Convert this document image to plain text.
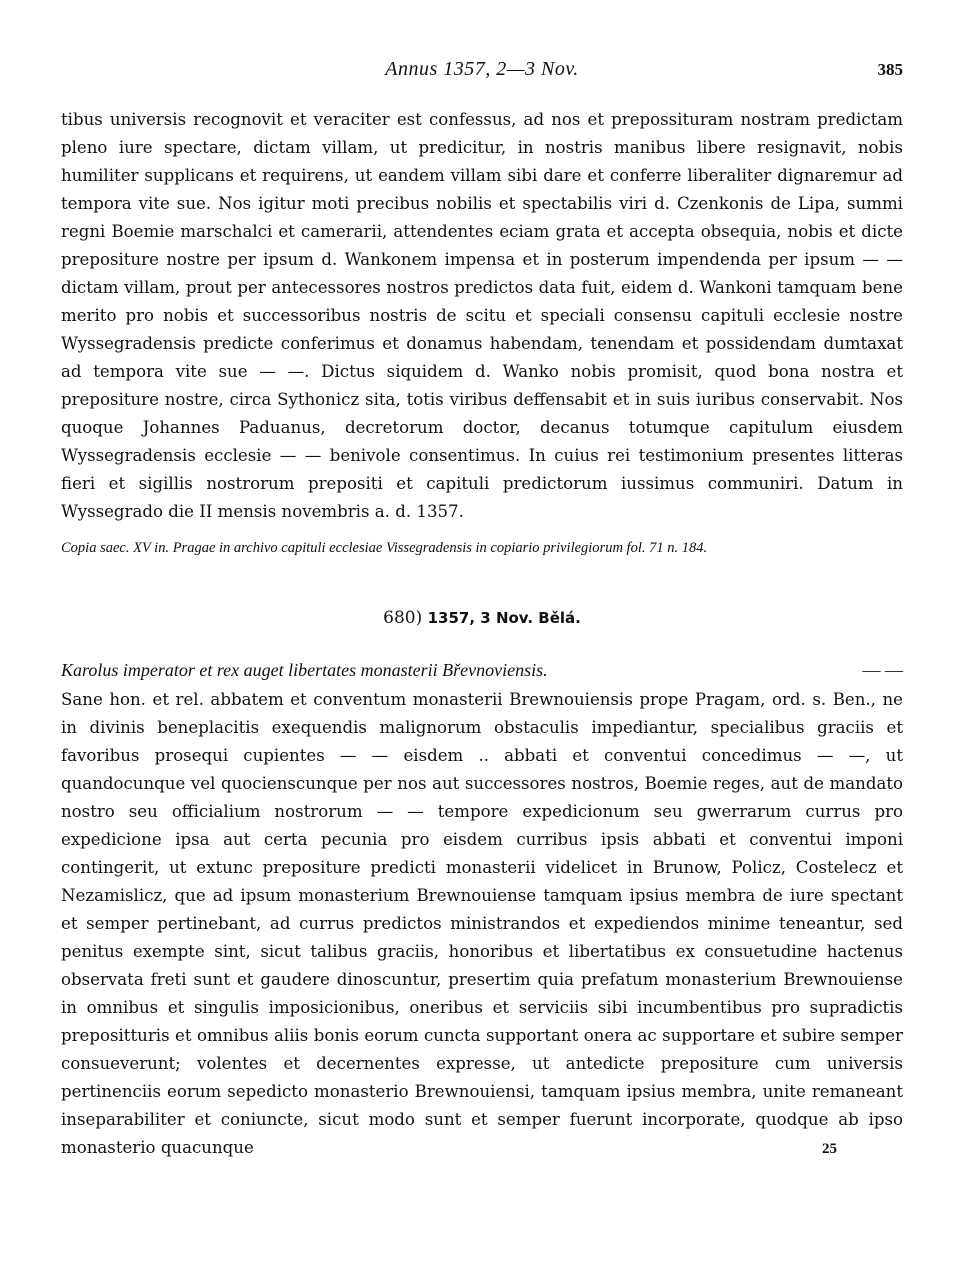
Annus 1357, 2—3 Nov.	385

tibus universis recognovit et veraciter est confessus, ad nos et prepossituram nostram predictam pleno iure spectare, dictam villam, ut predicitur, in nostris manibus libere resignavit, nobis humiliter supplicans et requirens, ut eandem villam sibi dare et conferre liberaliter dignaremur ad tempora vite sue. Nos igitur moti precibus nobilis et spectabilis viri d. Czenkonis de Lipa, summi regni Boemie marschalci et camerarii, attendentes eciam grata et accepta obsequia, nobis et dicte prepositure nostre per ipsum d. Wankonem impensa et in posterum impendenda per ipsum — — dictam villam, prout per antecessores nostros predictos data fuit, eidem d. Wankoni tamquam bene merito pro nobis et successoribus nostris de scitu et speciali consensu capituli ecclesie nostre Wyssegradensis predicte conferimus et donamus habendam, tenendam et possidendam dumtaxat ad tempora vite sue — —. Dictus siquidem d. Wanko nobis promisit, quod bona nostra et prepositure nostre, circa Sythonicz sita, totis viribus deffensabit et in suis iuribus conservabit. Nos quoque Johannes Paduanus, decretorum doctor, decanus totumque capitulum eiusdem Wyssegradensis ecclesie — — benivole consentimus. In cuius rei testimonium presentes litteras fieri et sigillis nostrorum prepositi et capituli predictorum iussimus communiri. Datum in Wyssegrado die II mensis novembris a. d. 1357.

Copia saec. XV in. Pragae in archivo capituli ecclesiae Vissegradensis in copiario privilegiorum fol. 71 n. 184.
680) 1357, 3 Nov. Bělá.
Karolus imperator et rex auget libertates monasterii Břevnoviensis.	— —
Sane hon. et rel. abbatem et conventum monasterii Brewnouiensis prope Pragam, ord. s. Ben., ne in divinis beneplacitis exequendis malignorum obstaculis impediantur, specialibus graciis et favoribus prosequi cupientes — — eisdem .. abbati et conventui concedimus — —, ut quandocunque vel quocienscunque per nos aut successores nostros, Boemie reges, aut de mandato nostro seu officialium nostrorum — — tempore expedicionum seu gwerrarum currus pro expedicione ipsa aut certa pecunia pro eisdem curribus ipsis abbati et conventui imponi contingerit, ut extunc prepositure predicti monasterii videlicet in Brunow, Policz, Costelecz et Nezamislicz, que ad ipsum monasterium Brewnouiense tamquam ipsius membra de iure spectant et semper pertinebant, ad currus predictos ministrandos et expediendos minime teneantur, sed penitus exempte sint, sicut talibus graciis, honoribus et libertatibus ex consuetudine hactenus observata freti sunt et gaudere dinoscuntur, presertim quia prefatum monasterium Brewnouiense in omnibus et singulis imposicionibus, oneribus et serviciis sibi incumbentibus pro supradictis prepositturis et omnibus aliis bonis eorum cuncta supportant onera ac supportare et subire semper consueverunt; volentes et decernentes expresse, ut antedicte prepositure cum universis pertinenciis eorum sepedicto monasterio Brewnouiensi, tamquam ipsius membra, unite remaneant inseparabiliter et coniuncte, sicut modo sunt et semper fuerunt incorporate, quodque ab ipso monasterio quacunque	25
